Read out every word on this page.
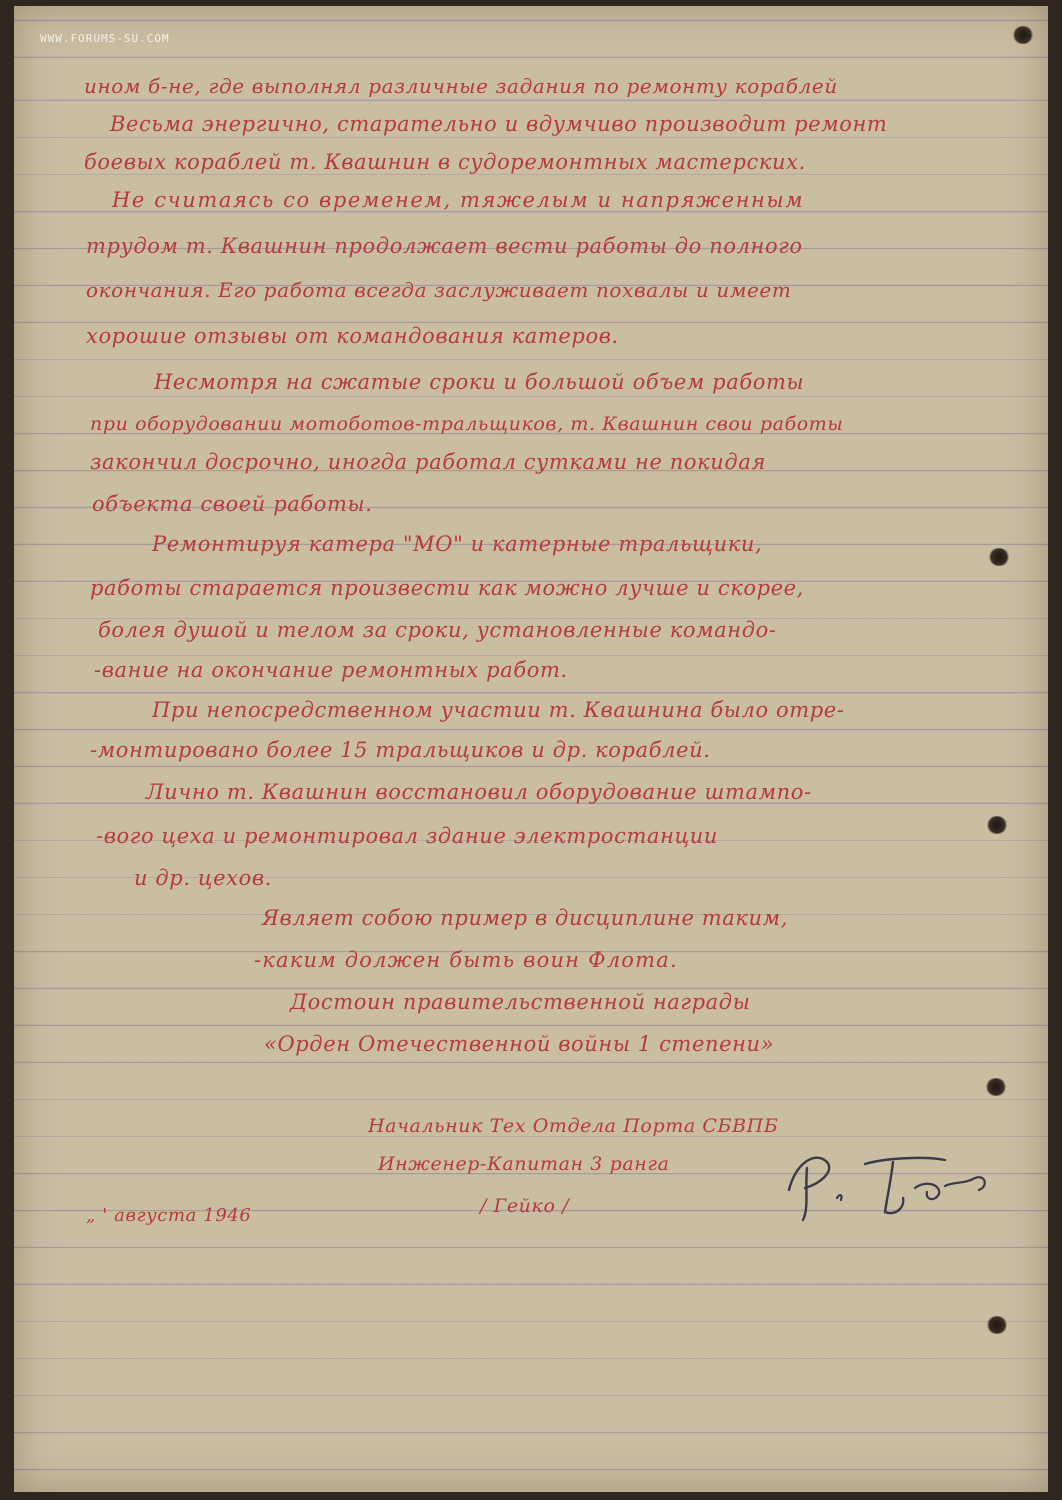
WWW.FORUMS-SU.COM
ином б-не, где выполнял различные задания по ремонту кораблей
Весьма энергично, старательно и вдумчиво производит ремонт
боевых кораблей т. Квашнин в судоремонтных мастерских.
Не считаясь со временем, тяжелым и напряженным
трудом т. Квашнин продолжает вести работы до полного
окончания. Его работа всегда заслуживает похвалы и имеет
хорошие отзывы от командования катеров.
Несмотря на сжатые сроки и большой объем работы
при оборудовании мотоботов-тральщиков, т. Квашнин свои работы
закончил досрочно, иногда работал сутками не покидая
объекта своей работы.
Ремонтируя катера "МО" и катерные тральщики,
работы старается произвести как можно лучше и скорее,
болея душой и телом за сроки, установленные командо-
-вание на окончание ремонтных работ.
При непосредственном участии т. Квашнина было отре-
-монтировано более 15 тральщиков и др. кораблей.
Лично т. Квашнин восстановил оборудование штампо-
-вого цеха и ремонтировал здание электростанции
и др. цехов.
Являет собою пример в дисциплине таким,
-каким должен быть воин Флота.
Достоин правительственной награды
«Орден Отечественной войны 1 степени»
Начальник Тех Отдела Порта СБВПБ
Инженер-Капитан 3 ранга
/ Гейко /
„ ' августа 1946
